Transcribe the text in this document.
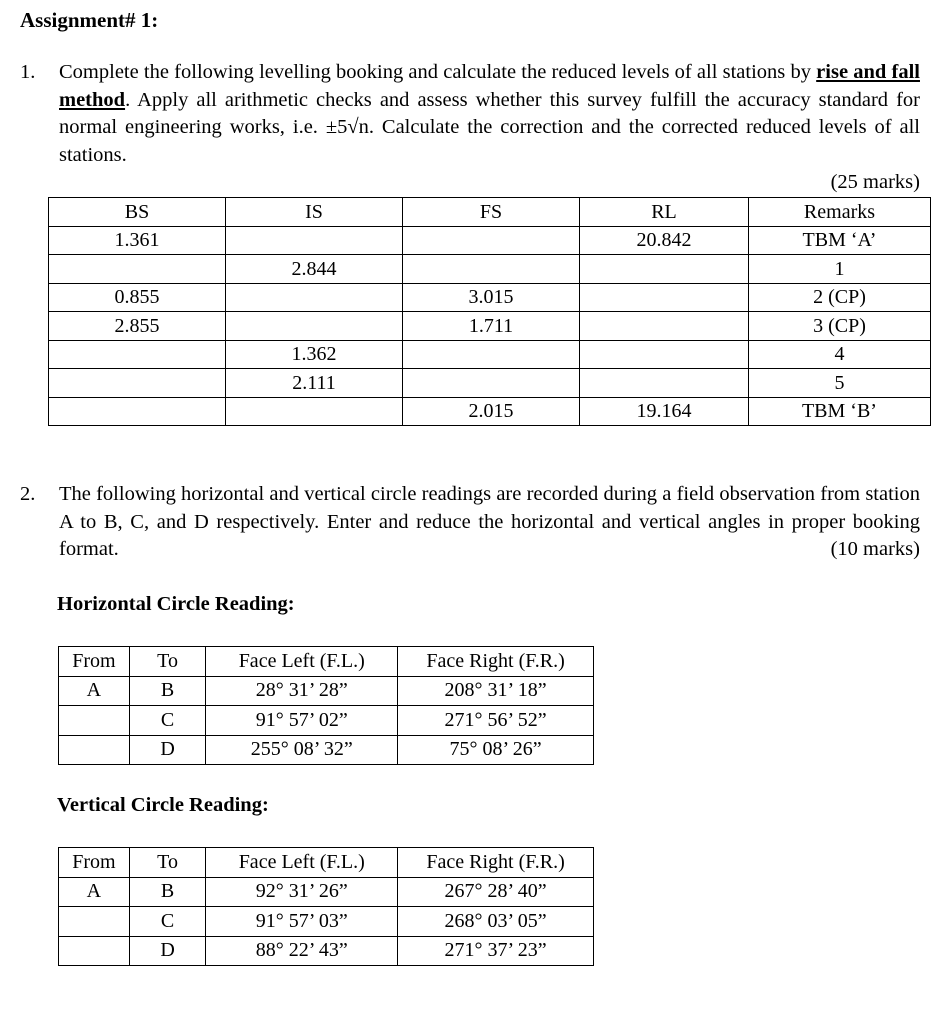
Assignment# 1:
1. Complete the following levelling booking and calculate the reduced levels of all stations by rise and fall method. Apply all arithmetic checks and assess whether this survey fulfill the accuracy standard for normal engineering works, i.e. ±5√n. Calculate the correction and the corrected reduced levels of all stations.
(25 marks)
BS	IS	FS	RL	Remarks
1.361			20.842	TBM ‘A’
	2.844			1
0.855		3.015		2 (CP)
2.855		1.711		3 (CP)
	1.362			4
	2.111			5
		2.015	19.164	TBM ‘B’
2. The following horizontal and vertical circle readings are recorded during a field observation from station A to B, C, and D respectively. Enter and reduce the horizontal and vertical angles in proper booking format.	(10 marks)
Horizontal Circle Reading:
From	To	Face Left (F.L.)	Face Right (F.R.)
A	B	28° 31’ 28”	208° 31’ 18”
	C	91° 57’ 02”	271° 56’ 52”
	D	255° 08’ 32”	75° 08’ 26”
Vertical Circle Reading:
From	To	Face Left (F.L.)	Face Right (F.R.)
A	B	92° 31’ 26”	267° 28’ 40”
	C	91° 57’ 03”	268° 03’ 05”
	D	88° 22’ 43”	271° 37’ 23”
